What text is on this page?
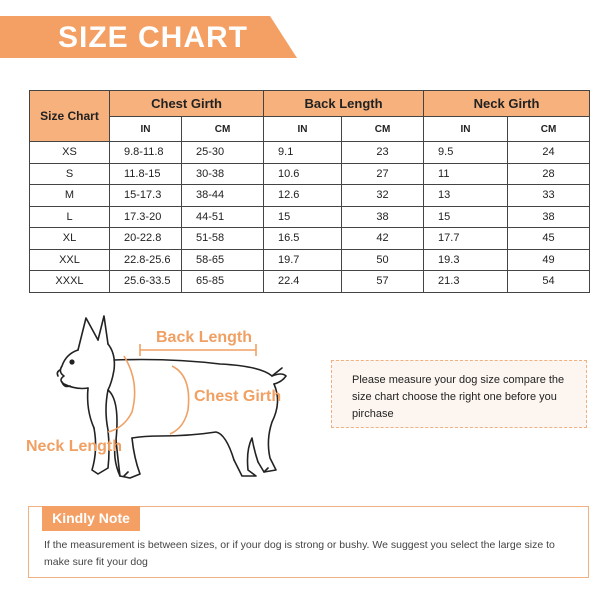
SIZE CHART
Size Chart	Chest Girth		Back Length		Neck Girth	
	IN	CM	IN	CM	IN	CM
XS	9.8-11.8	25-30	9.1	23	9.5	24
S	11.8-15	30-38	10.6	27	11	28
M	15-17.3	38-44	12.6	32	13	33
L	17.3-20	44-51	15	38	15	38
XL	20-22.8	51-58	16.5	42	17.7	45
XXL	22.8-25.6	58-65	19.7	50	19.3	49
XXXL	25.6-33.5	65-85	22.4	57	21.3	54
Back Length
Chest Girth
Neck Length
Please measure your dog size compare the size chart choose the right one before you pirchase
Kindly Note
If the measurement is between sizes, or if your dog is strong or bushy. We suggest you select the large size to make sure fit your dog
